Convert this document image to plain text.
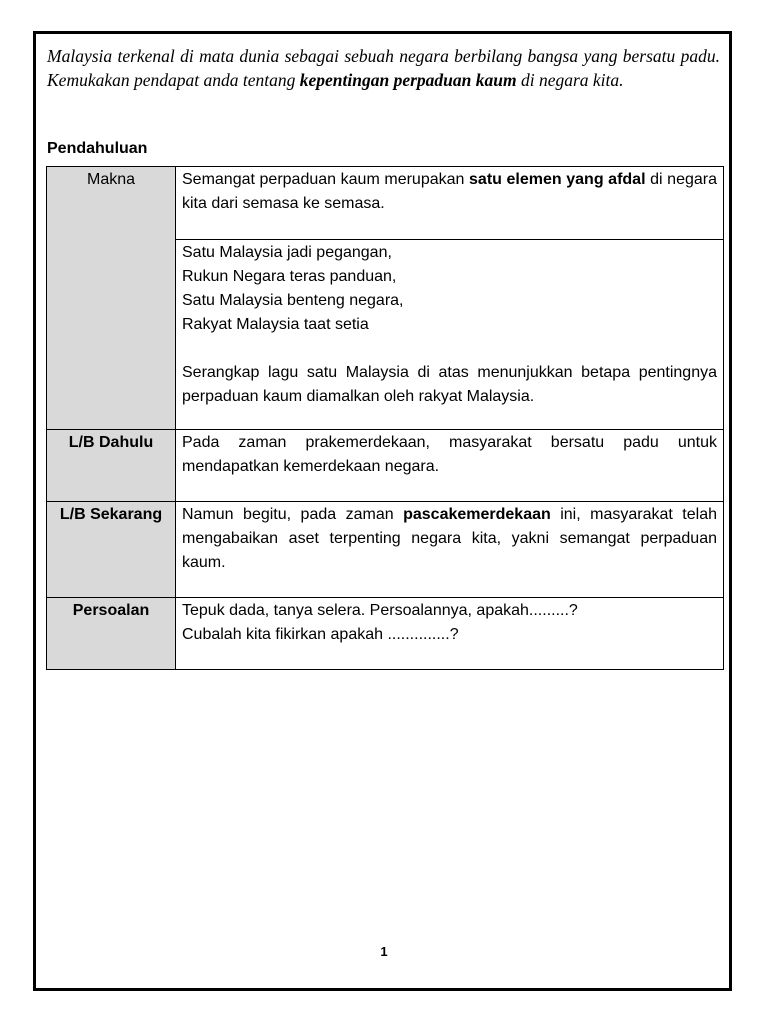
Malaysia terkenal di mata dunia sebagai sebuah negara berbilang bangsa yang bersatu padu. Kemukakan pendapat anda tentang kepentingan perpaduan kaum di negara kita.
Pendahuluan
Makna	Semangat perpaduan kaum merupakan satu elemen yang afdal di negara kita dari semasa ke semasa.

	Satu Malaysia jadi pegangan,
Rukun Negara teras panduan,
Satu Malaysia benteng negara,
Rakyat Malaysia taat setia
Serangkap lagu satu Malaysia di atas menunjukkan betapa pentingnya perpaduan kaum diamalkan oleh rakyat Malaysia.

L/B Dahulu	Pada zaman prakemerdekaan, masyarakat bersatu padu untuk mendapatkan kemerdekaan negara.

L/B Sekarang	Namun begitu, pada zaman pascakemerdekaan ini, masyarakat telah mengabaikan aset terpenting negara kita, yakni semangat perpaduan kaum.

Persoalan	Tepuk dada, tanya selera. Persoalannya, apakah.........?
Cubalah kita fikirkan apakah ..............?
1
